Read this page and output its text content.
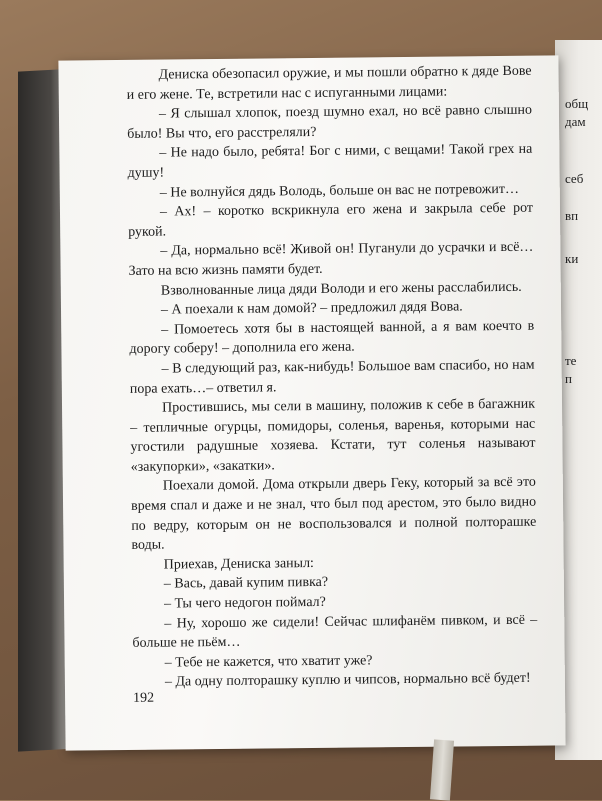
общ
дам
себ
вп
ки
те
п

Дениска обезопасил оружие, и мы пошли обратно к дяде Вове и его жене. Те, встретили нас с испуганными лицами:

– Я слышал хлопок, поезд шумно ехал, но всё равно слышно было! Вы что, его расстреляли?

– Не надо было, ребята! Бог с ними, с вещами! Такой грех на душу!

– Не волнуйся дядь Володь, больше он вас не потревожит…

– Ах! – коротко вскрикнула его жена и закрыла себе рот рукой.

– Да, нормально всё! Живой он! Пуганули до усрачки и всё… Зато на всю жизнь памяти будет.

Взволнованные лица дяди Володи и его жены расслабились.

– А поехали к нам домой? – предложил дядя Вова.

– Помоетесь хотя бы в настоящей ванной, а я вам коечто в дорогу соберу! – дополнила его жена.

– В следующий раз, как-нибудь! Большое вам спасибо, но нам пора ехать…– ответил я.

Простившись, мы сели в машину, положив к себе в багажник – тепличные огурцы, помидоры, соленья, варенья, которыми нас угостили радушные хозяева. Кстати, тут соленья называют «закупорки», «закатки».

Поехали домой. Дома открыли дверь Геку, который за всё это время спал и даже и не знал, что был под арестом, это было видно по ведру, которым он не воспользовался и полной полторашке воды.

Приехав, Дениска заныл:

– Вась, давай купим пивка?

– Ты чего недогон поймал?

– Ну, хорошо же сидели! Сейчас шлифанём пивком, и всё – больше не пьём…

– Тебе не кажется, что хватит уже?

– Да одну полторашку куплю и чипсов, нормально всё будет!

192
